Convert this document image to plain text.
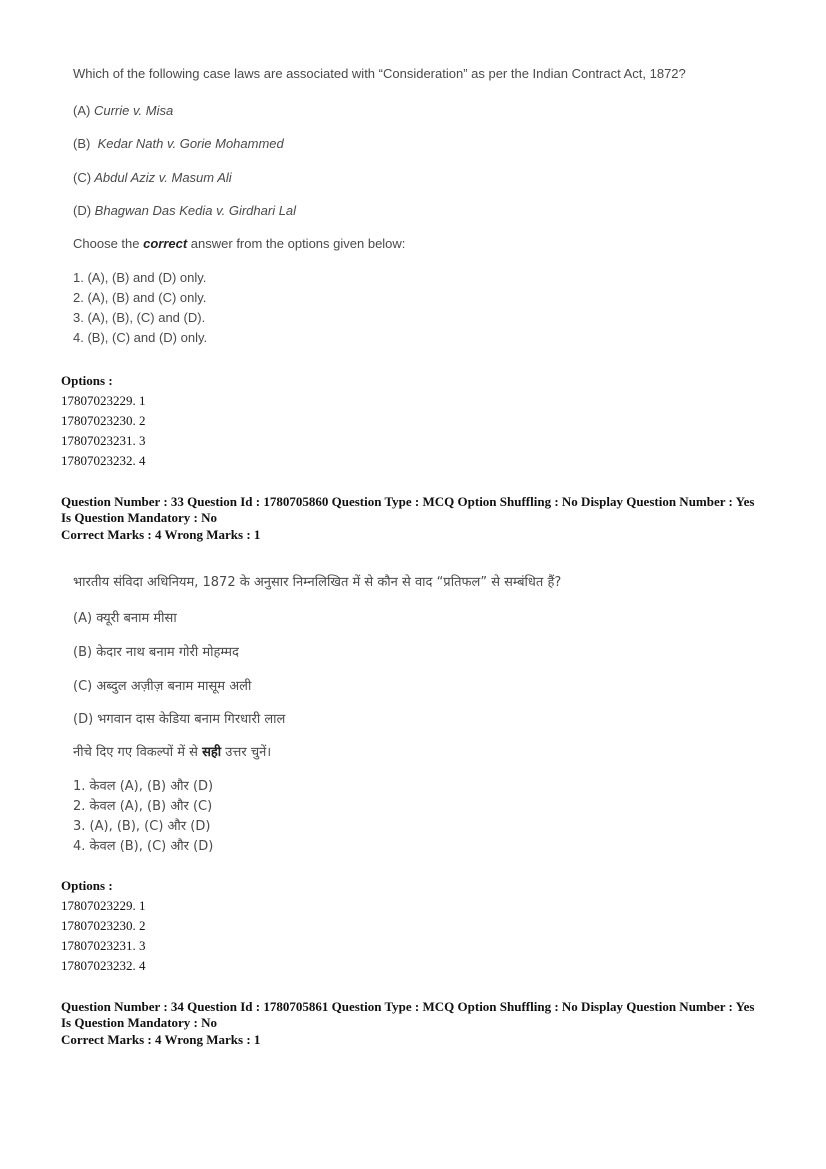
Which of the following case laws are associated with “Consideration” as per the Indian Contract Act, 1872?
(A) Currie v. Misa
(B) Kedar Nath v. Gorie Mohammed
(C) Abdul Aziz v. Masum Ali
(D) Bhagwan Das Kedia v. Girdhari Lal
Choose the correct answer from the options given below:
1. (A), (B) and (D) only.
2. (A), (B) and (C) only.
3. (A), (B), (C) and (D).
4. (B), (C) and (D) only.
Options :
17807023229. 1
17807023230. 2
17807023231. 3
17807023232. 4
Question Number : 33 Question Id : 1780705860 Question Type : MCQ Option Shuffling : No Display Question Number : Yes
Is Question Mandatory : No
Correct Marks : 4 Wrong Marks : 1
भारतीय संविदा अधिनियम, 1872 के अनुसार निम्नलिखित में से कौन से वाद “प्रतिफल” से सम्बंधित हैं?
(A) क्यूरी बनाम मीसा
(B) केदार नाथ बनाम गोरी मोहम्मद
(C) अब्दुल अज़ीज़ बनाम मासूम अली
(D) भगवान दास केडिया बनाम गिरधारी लाल
नीचे दिए गए विकल्पों में से सही उत्तर चुनें।
1. केवल (A), (B) और (D)
2. केवल (A), (B) और (C)
3. (A), (B), (C) और (D)
4. केवल (B), (C) और (D)
Options :
17807023229. 1
17807023230. 2
17807023231. 3
17807023232. 4
Question Number : 34 Question Id : 1780705861 Question Type : MCQ Option Shuffling : No Display Question Number : Yes
Is Question Mandatory : No
Correct Marks : 4 Wrong Marks : 1
